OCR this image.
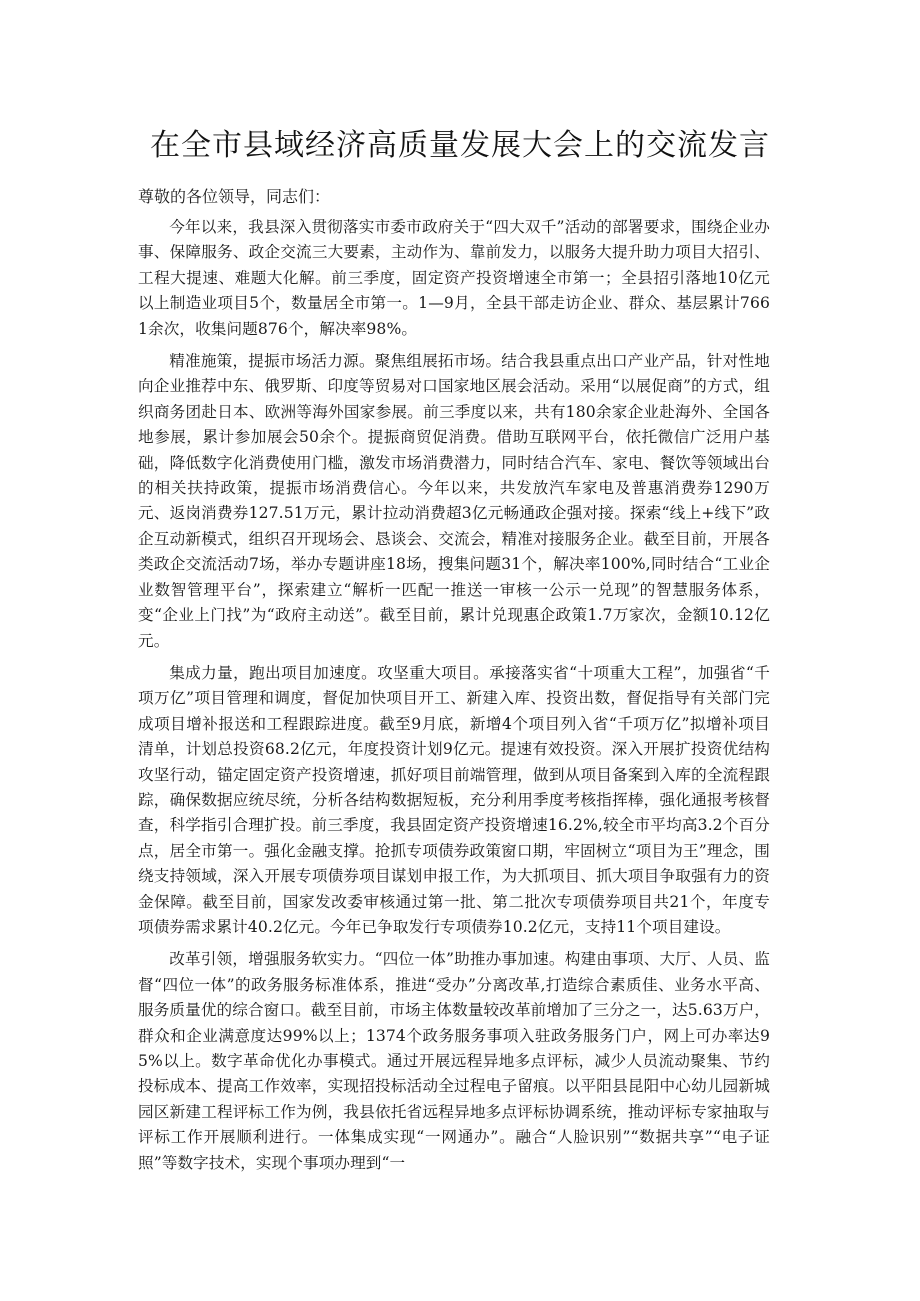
在全市县域经济高质量发展大会上的交流发言

尊敬的各位领导，同志们：

今年以来，我县深入贯彻落实市委市政府关于“四大双千”活动的部署要求，围绕企业办事、保障服务、政企交流三大要素，主动作为、靠前发力，以服务大提升助力项目大招引、工程大提速、难题大化解。前三季度，固定资产投资增速全市第一；全县招引落地10亿元以上制造业项目5个，数量居全市第一。1—9月，全县干部走访企业、群众、基层累计7661余次，收集问题876个，解决率98%。

精准施策，提振市场活力源。聚焦组展拓市场。结合我县重点出口产业产品，针对性地向企业推荐中东、俄罗斯、印度等贸易对口国家地区展会活动。采用“以展促商”的方式，组织商务团赴日本、欧洲等海外国家参展。前三季度以来，共有180余家企业赴海外、全国各地参展，累计参加展会50余个。提振商贸促消费。借助互联网平台，依托微信广泛用户基础，降低数字化消费使用门槛，激发市场消费潜力，同时结合汽车、家电、餐饮等领域出台的相关扶持政策，提振市场消费信心。今年以来，共发放汽车家电及普惠消费券1290万元、返岗消费券127.51万元，累计拉动消费超3亿元畅通政企强对接。探索“线上+线下”政企互动新模式，组织召开现场会、恳谈会、交流会，精准对接服务企业。截至目前，开展各类政企交流活动7场，举办专题讲座18场，搜集问题31个，解决率100%,同时结合“工业企业数智管理平台”，探索建立“解析一匹配一推送一审核一公示一兑现”的智慧服务体系，变“企业上门找”为“政府主动送”。截至目前，累计兑现惠企政策1.7万家次，金额10.12亿元。

集成力量，跑出项目加速度。攻坚重大项目。承接落实省“十项重大工程”，加强省“千项万亿”项目管理和调度，督促加快项目开工、新建入库、投资出数，督促指导有关部门完成项目增补报送和工程跟踪进度。截至9月底，新增4个项目列入省“千项万亿”拟增补项目清单，计划总投资68.2亿元，年度投资计划9亿元。提速有效投资。深入开展扩投资优结构攻坚行动，锚定固定资产投资增速，抓好项目前端管理，做到从项目备案到入库的全流程跟踪，确保数据应统尽统，分析各结构数据短板，充分利用季度考核指挥棒，强化通报考核督查，科学指引合理扩投。前三季度，我县固定资产投资增速16.2%,较全市平均高3.2个百分点，居全市第一。强化金融支撑。抢抓专项债券政策窗口期，牢固树立“项目为王”理念，围绕支持领域，深入开展专项债券项目谋划申报工作，为大抓项目、抓大项目争取强有力的资金保障。截至目前，国家发改委审核通过第一批、第二批次专项债券项目共21个，年度专项债券需求累计40.2亿元。今年已争取发行专项债券10.2亿元，支持11个项目建设。

改革引领，增强服务软实力。“四位一体”助推办事加速。构建由事项、大厅、人员、监督“四位一体”的政务服务标准体系，推进“受办”分离改革,打造综合素质佳、业务水平高、服务质量优的综合窗口。截至目前，市场主体数量较改革前增加了三分之一，达5.63万户，群众和企业满意度达99%以上；1374个政务服务事项入驻政务服务门户，网上可办率达95%以上。数字革命优化办事模式。通过开展远程异地多点评标，减少人员流动聚集、节约投标成本、提高工作效率，实现招投标活动全过程电子留痕。以平阳县昆阳中心幼儿园新城园区新建工程评标工作为例，我县依托省远程异地多点评标协调系统，推动评标专家抽取与评标工作开展顺利进行。一体集成实现“一网通办”。融合“人脸识别”“数据共享”“电子证照”等数字技术，实现个事项办理到“一
